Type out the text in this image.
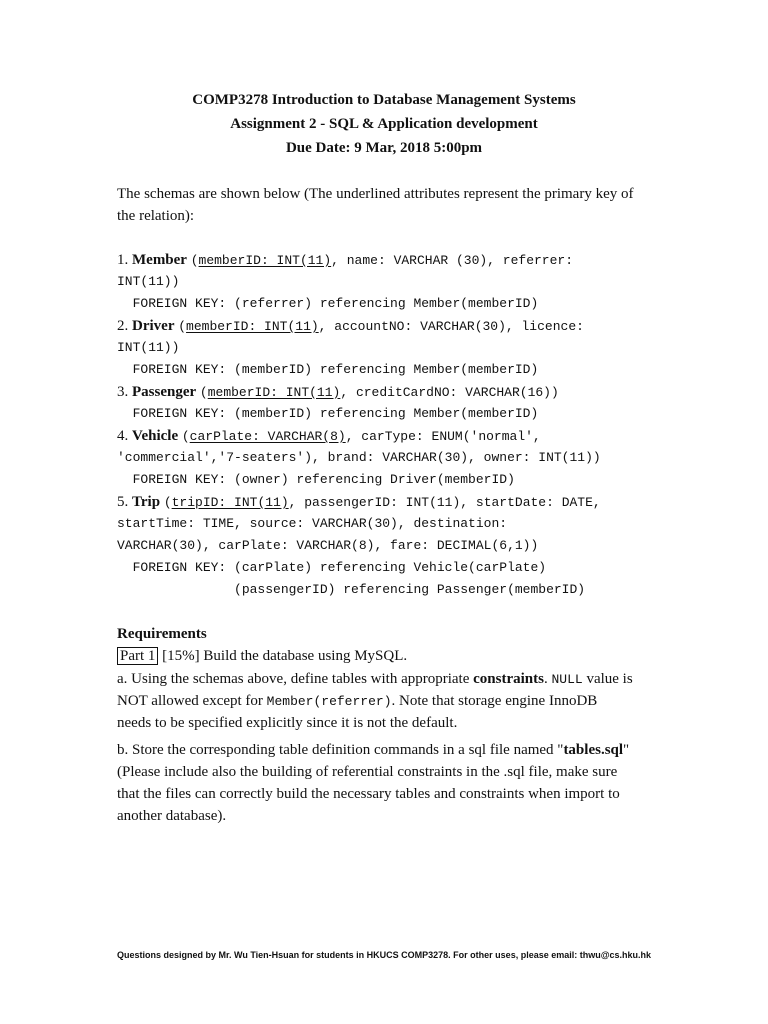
COMP3278 Introduction to Database Management Systems
Assignment 2 - SQL & Application development
Due Date: 9 Mar, 2018 5:00pm
The schemas are shown below (The underlined attributes represent the primary key of
the relation):
1. Member (memberID: INT(11), name: VARCHAR (30), referrer:
INT(11))
FOREIGN KEY: (referrer) referencing Member(memberID)
2. Driver (memberID: INT(11), accountNO: VARCHAR(30), licence:
INT(11))
FOREIGN KEY: (memberID) referencing Member(memberID)
3. Passenger (memberID: INT(11), creditCardNO: VARCHAR(16))
FOREIGN KEY: (memberID) referencing Member(memberID)
4. Vehicle (carPlate: VARCHAR(8), carType: ENUM('normal',
'commercial','7-seaters'), brand: VARCHAR(30), owner: INT(11))
FOREIGN KEY: (owner) referencing Driver(memberID)
5. Trip (tripID: INT(11), passengerID: INT(11), startDate: DATE,
startTime: TIME, source: VARCHAR(30), destination:
VARCHAR(30), carPlate: VARCHAR(8), fare: DECIMAL(6,1))
FOREIGN KEY: (carPlate) referencing Vehicle(carPlate)
(passengerID) referencing Passenger(memberID)
Requirements
Part 1 [15%] Build the database using MySQL.
a. Using the schemas above, define tables with appropriate constraints. NULL value is
NOT allowed except for Member(referrer). Note that storage engine InnoDB
needs to be specified explicitly since it is not the default.
b. Store the corresponding table definition commands in a sql file named "tables.sql"
(Please include also the building of referential constraints in the .sql file, make sure
that the files can correctly build the necessary tables and constraints when import to
another database).
Questions designed by Mr. Wu Tien-Hsuan for students in HKUCS COMP3278. For other uses, please email: thwu@cs.hku.hk
